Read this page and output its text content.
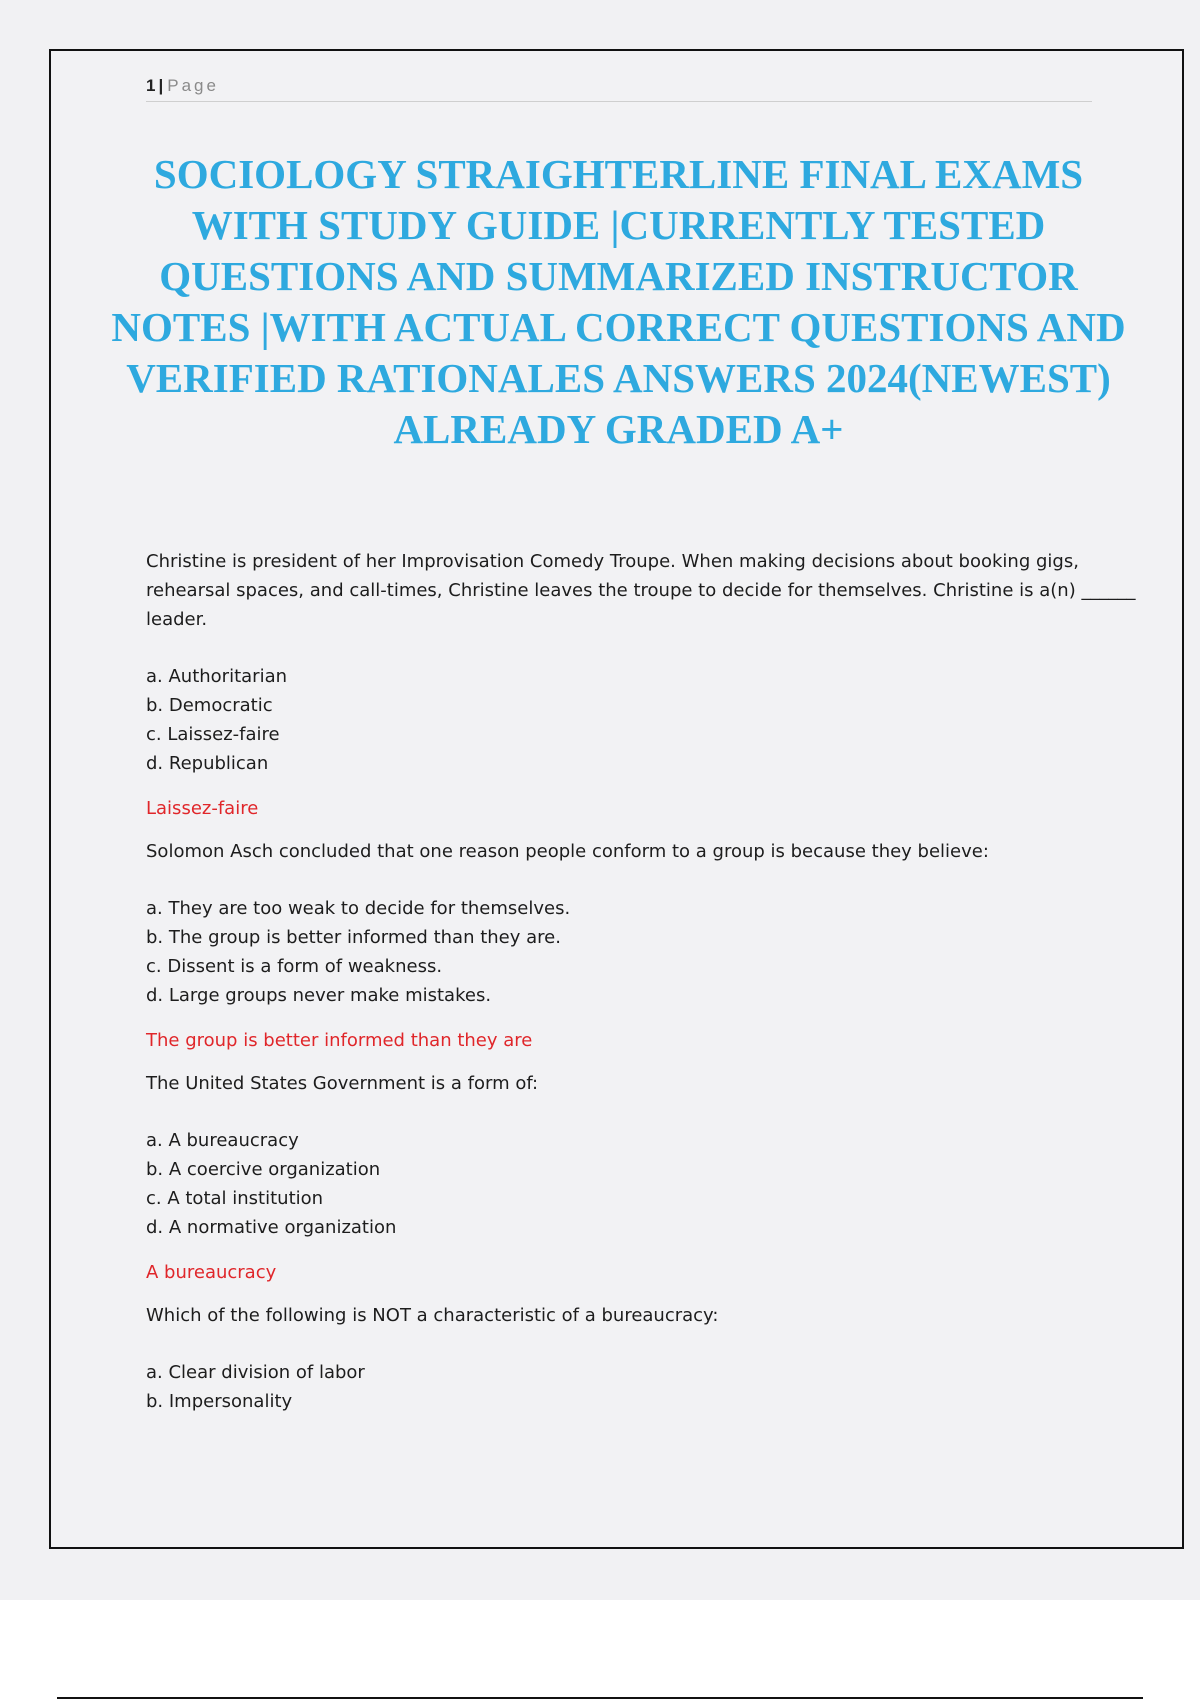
1 | Page
SOCIOLOGY STRAIGHTERLINE FINAL EXAMS WITH STUDY GUIDE |CURRENTLY TESTED QUESTIONS AND SUMMARIZED INSTRUCTOR NOTES |WITH ACTUAL CORRECT QUESTIONS AND VERIFIED RATIONALES ANSWERS 2024(NEWEST) ALREADY GRADED A+

Christine is president of her Improvisation Comedy Troupe. When making decisions about booking gigs, rehearsal spaces, and call-times, Christine leaves the troupe to decide for themselves. Christine is a(n) ______ leader.

a. Authoritarian
b. Democratic
c. Laissez-faire
d. Republican
Laissez-faire

Solomon Asch concluded that one reason people conform to a group is because they believe:

a. They are too weak to decide for themselves.
b. The group is better informed than they are.
c. Dissent is a form of weakness.
d. Large groups never make mistakes.
The group is better informed than they are

The United States Government is a form of:

a. A bureaucracy
b. A coercive organization
c. A total institution
d. A normative organization
A bureaucracy

Which of the following is NOT a characteristic of a bureaucracy:

a. Clear division of labor
b. Impersonality
